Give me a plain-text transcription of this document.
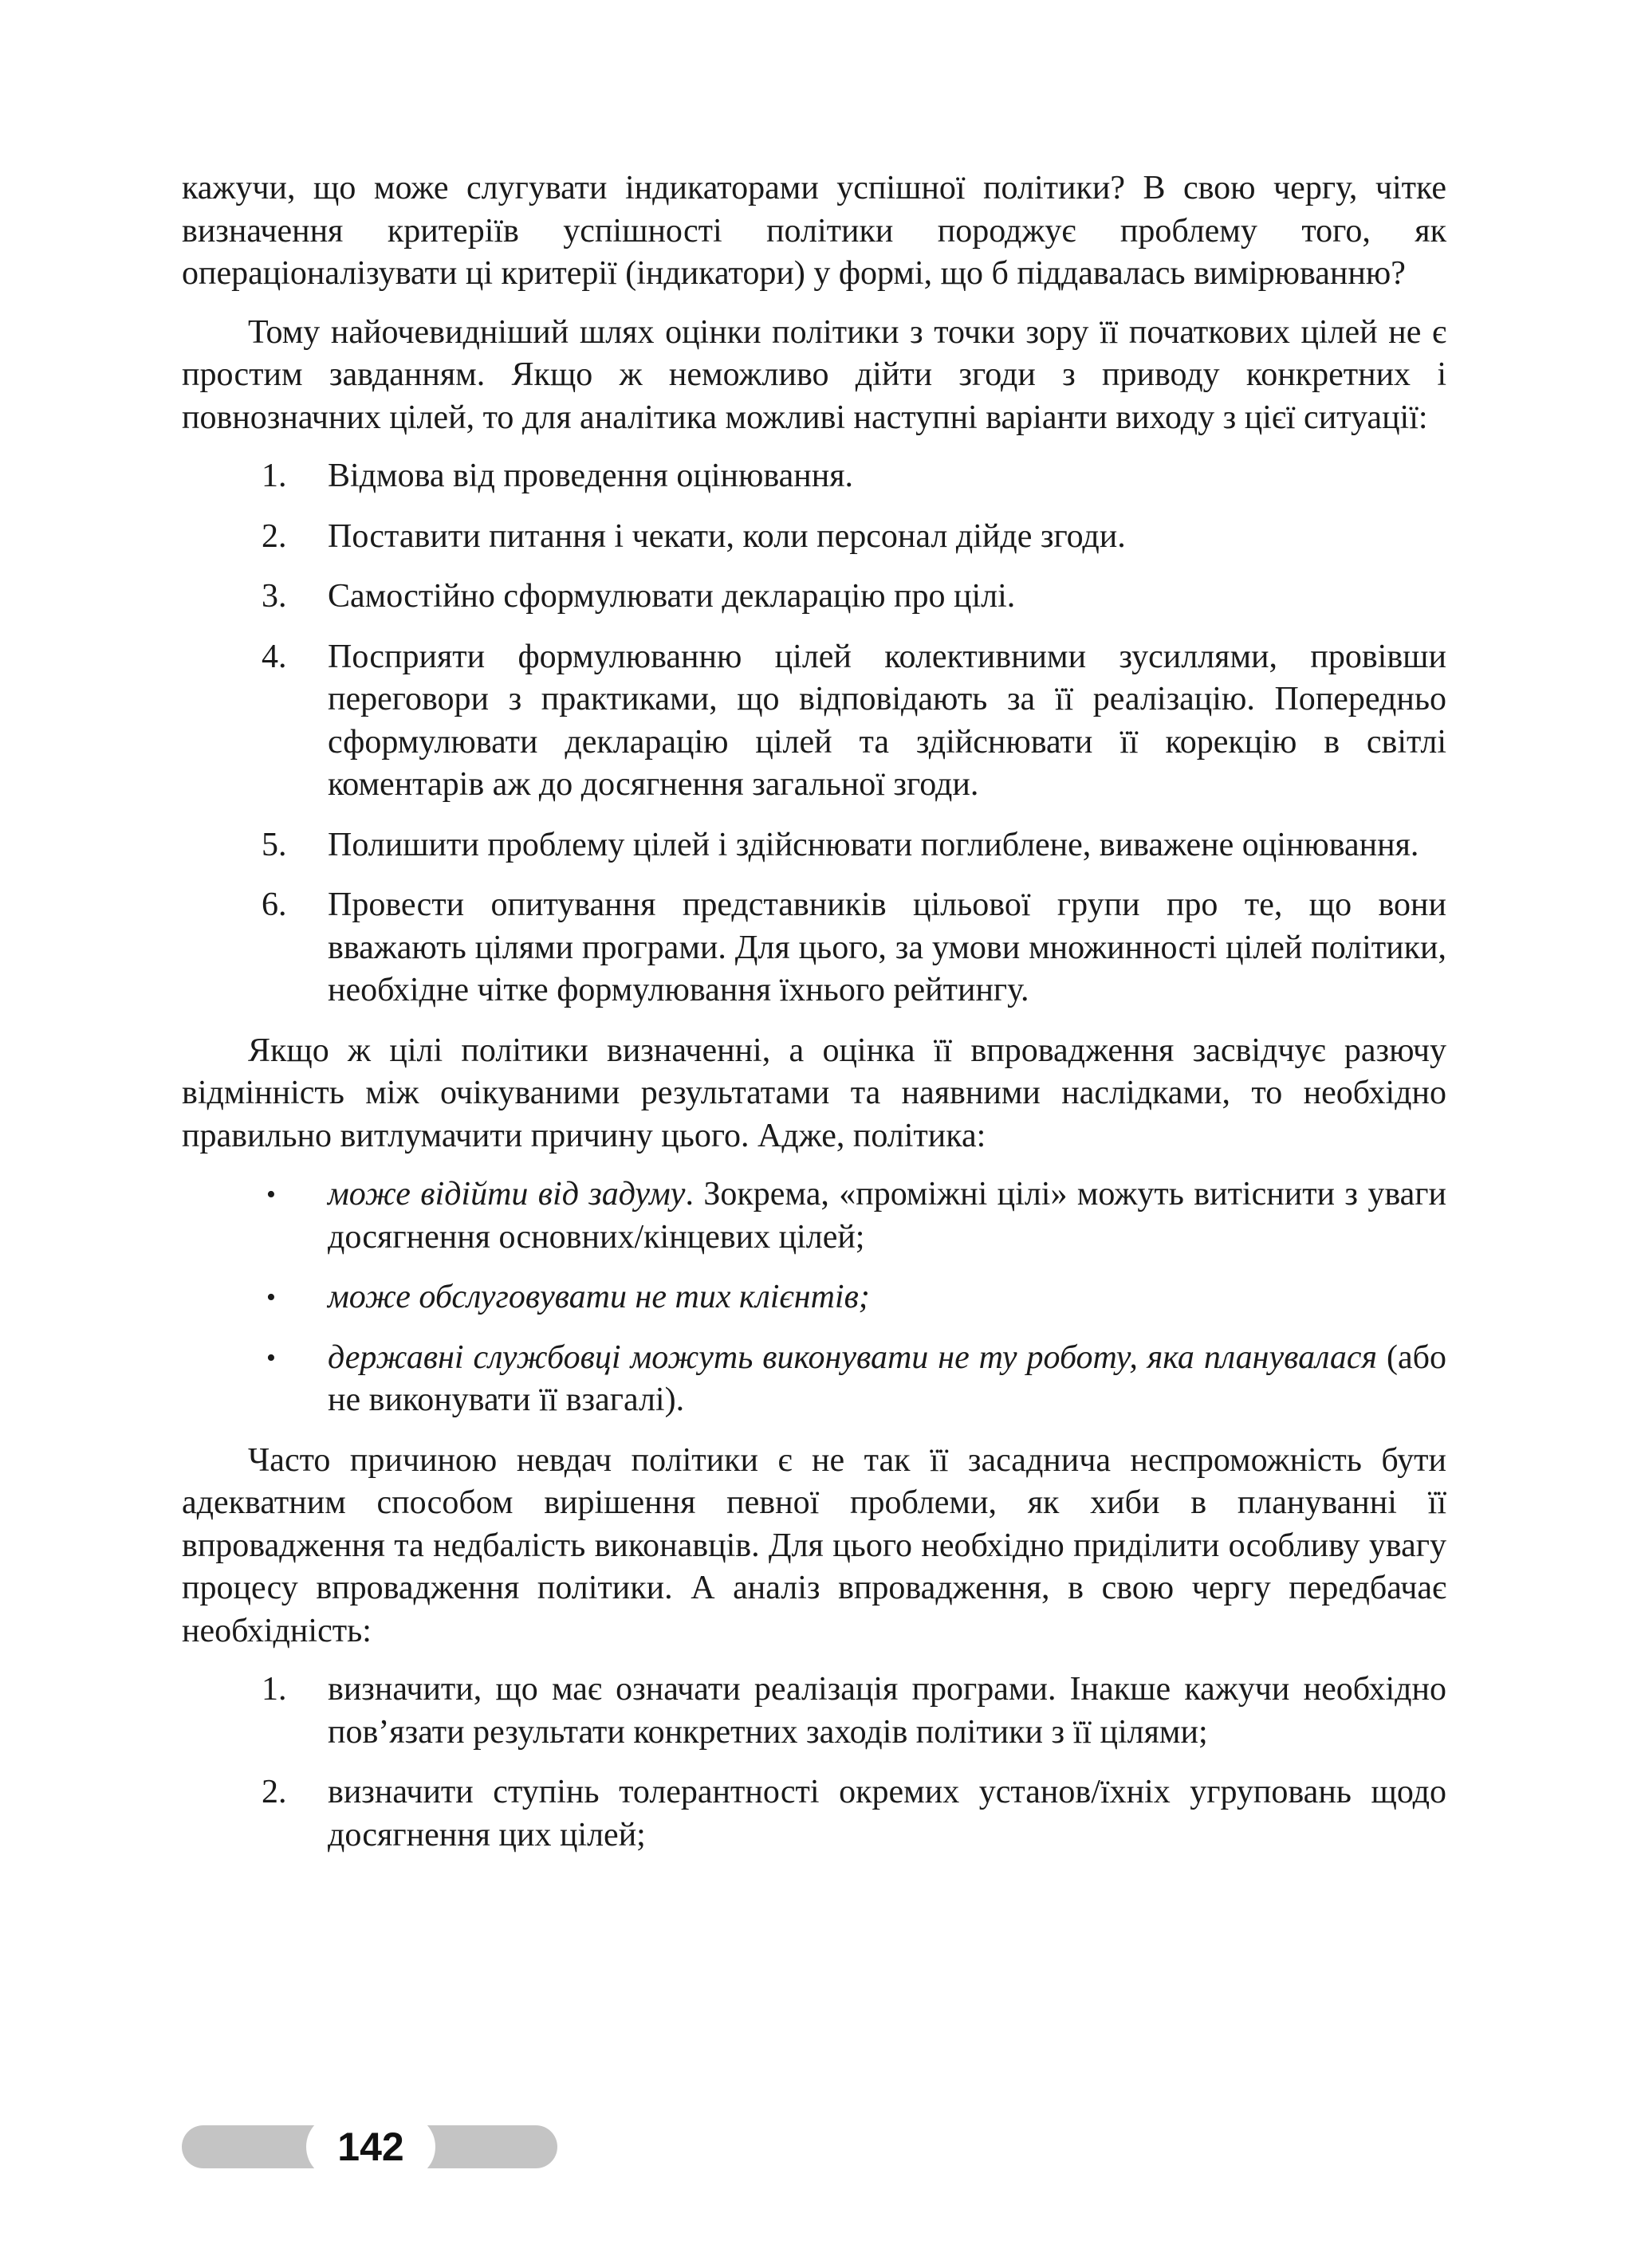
кажучи, що може слугувати індикаторами успішної політики? В свою чергу, чітке визначення критеріїв успішності політики породжує проблему того, як операціоналізувати ці критерії (індикатори) у формі, що б піддавалась вимірюванню?

Тому найочевидніший шлях оцінки політики з точки зору її початкових цілей не є простим завданням. Якщо ж неможливо дійти згоди з приводу конкретних і повнозначних цілей, то для аналітика можливі наступні варіанти виходу з цієї ситуації:

1. Відмова від проведення оцінювання.
2. Поставити питання і чекати, коли персонал дійде згоди.
3. Самостійно сформулювати декларацію про цілі.
4. Посприяти формулюванню цілей колективними зусиллями, провівши переговори з практиками, що відповідають за її реалізацію. Попередньо сформулювати декларацію цілей та здійснювати її корекцію в світлі коментарів аж до досягнення загальної згоди.
5. Полишити проблему цілей і здійснювати поглиблене, виважене оцінювання.
6. Провести опитування представників цільової групи про те, що вони вважають цілями програми. Для цього, за умови множинності цілей політики, необхідне чітке формулювання їхнього рейтингу.

Якщо ж цілі політики визначенні, а оцінка її впровадження засвідчує разючу відмінність між очікуваними результатами та наявними наслідками, то необхідно правильно витлумачити причину цього. Адже, політика:

• може відійти від задуму. Зокрема, «проміжні цілі» можуть витіснити з уваги досягнення основних/кінцевих цілей;
• може обслуговувати не тих клієнтів;
• державні службовці можуть виконувати не ту роботу, яка планувалася (або не виконувати її взагалі).

Часто причиною невдач політики є не так її засаднича неспроможність бути адекватним способом вирішення певної проблеми, як хиби в плануванні її впровадження та недбалість виконавців. Для цього необхідно приділити особливу увагу процесу впровадження політики. А аналіз впровадження, в свою чергу передбачає необхідність:

1. визначити, що має означати реалізація програми. Інакше кажучи необхідно пов’язати результати конкретних заходів політики з її цілями;
2. визначити ступінь толерантності окремих установ/їхніх угруповань щодо досягнення цих цілей;
142
